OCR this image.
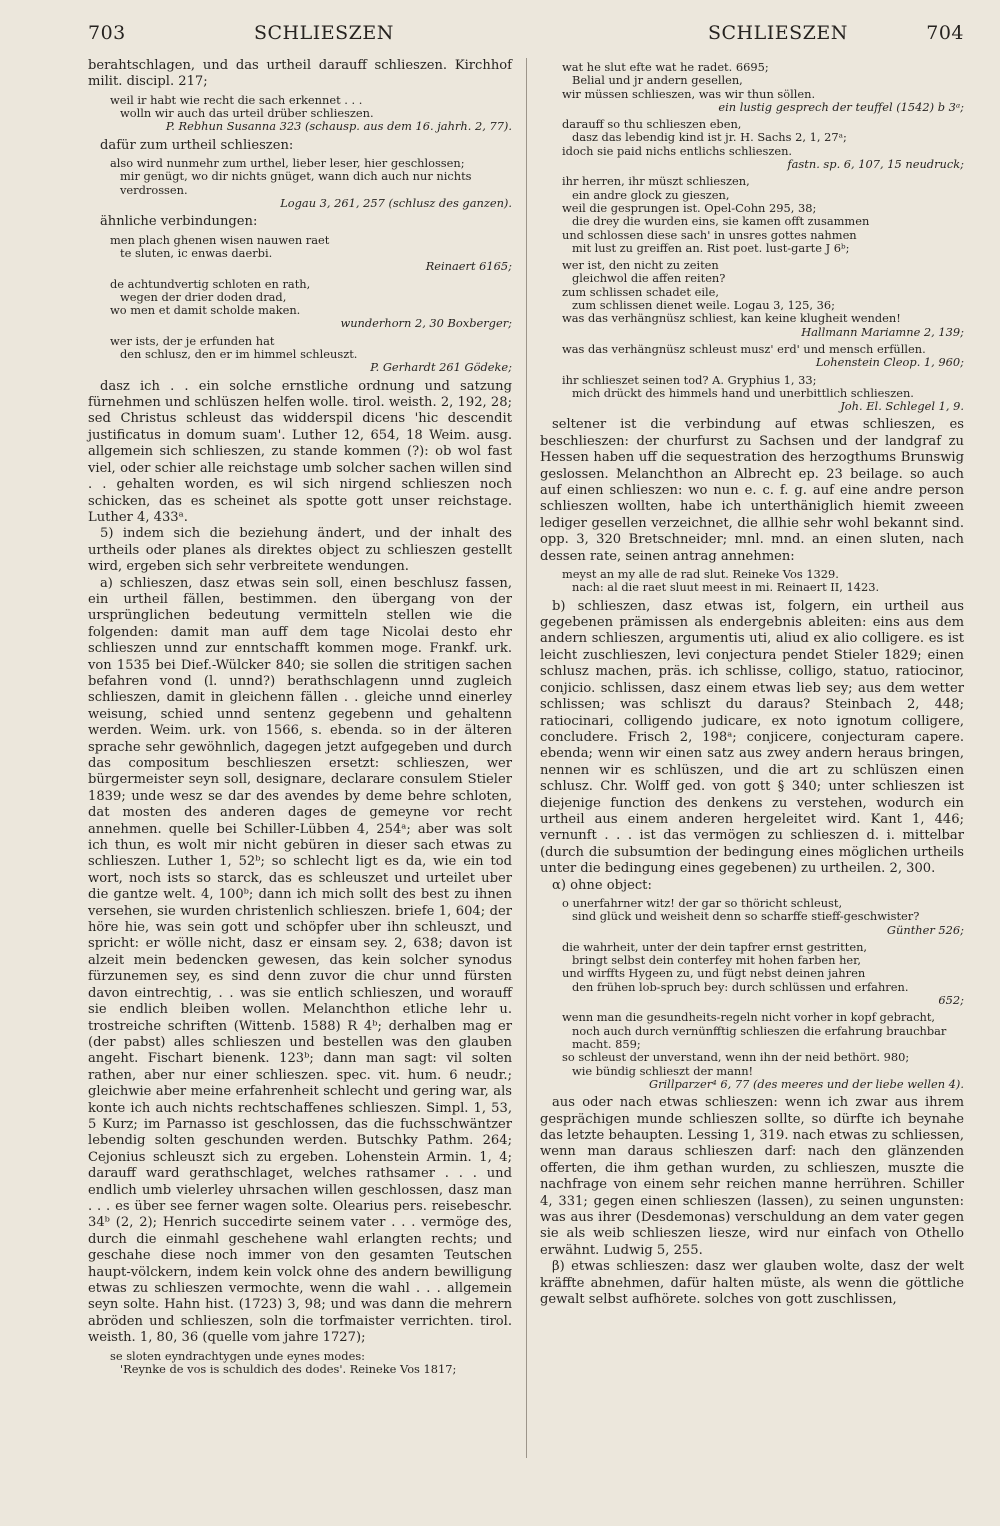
703	SCHLIESZEN	SCHLIESZEN	704

berahtschlagen, und das urtheil darauff schlieszen. Kirchhof milit. discipl. 217;

weil ir habt wie recht die sach erkennet . . .
wolln wir auch das urteil drüber schlieszen.
P. Rebhun Susanna 323 (schausp. aus dem 16. jahrh. 2, 77).

dafür zum urtheil schlieszen:

also wird nunmehr zum urthel, lieber leser, hier geschlossen;
mir genügt, wo dir nichts gnüget, wann dich auch nur nichts verdrossen.
Logau 3, 261, 257 (schlusz des ganzen).

ähnliche verbindungen:

men plach ghenen wisen nauwen raet
te sluten, ic enwas daerbi.
Reinaert 6165;
de achtundvertig schloten en rath,
wegen der drier doden drad,
wo men et damit scholde maken.
wunderhorn 2, 30 Boxberger;
wer ists, der je erfunden hat
den schlusz, den er im himmel schleuszt.
P. Gerhardt 261 Gödeke;

dasz ich . . ein solche ernstliche ordnung und satzung fürnehmen und schlüszen helfen wolle. tirol. weisth. 2, 192, 28; sed Christus schleust das widderspil dicens 'hic descendit justificatus in domum suam'. Luther 12, 654, 18 Weim. ausg. allgemein sich schlieszen, zu stande kommen (?): ob wol fast viel, oder schier alle reichstage umb solcher sachen willen sind . . gehalten worden, es wil sich nirgend schlieszen noch schicken, das es scheinet als spotte gott unser reichstage. Luther 4, 433ᵃ.

5) indem sich die beziehung ändert, und der inhalt des urtheils oder planes als direktes object zu schlieszen gestellt wird, ergeben sich sehr verbreitete wendungen.

a) schlieszen, dasz etwas sein soll, einen beschlusz fassen, ein urtheil fällen, bestimmen. den übergang von der ursprünglichen bedeutung vermitteln stellen wie die folgenden: damit man auff dem tage Nicolai desto ehr schlieszen unnd zur enntschafft kommen moge. Frankf. urk. von 1535 bei Dief.-Wülcker 840; sie sollen die stritigen sachen befahren vond (l. unnd?) berathschlagenn unnd zugleich schlieszen, damit in gleichenn fällen . . gleiche unnd einerley weisung, schied unnd sentenz gegebenn und gehaltenn werden. Weim. urk. von 1566, s. ebenda. so in der älteren sprache sehr gewöhnlich, dagegen jetzt aufgegeben und durch das compositum beschlieszen ersetzt: schlieszen, wer bürgermeister seyn soll, designare, declarare consulem Stieler 1839; unde wesz se dar des avendes by deme behre schloten, dat mosten des anderen dages de gemeyne vor recht annehmen. quelle bei Schiller-Lübben 4, 254ᵃ; aber was solt ich thun, es wolt mir nicht gebüren in dieser sach etwas zu schlieszen. Luther 1, 52ᵇ; so schlecht ligt es da, wie ein tod wort, noch ists so starck, das es schleuszet und urteilet uber die gantze welt. 4, 100ᵇ; dann ich mich sollt des best zu ihnen versehen, sie wurden christenlich schlieszen. briefe 1, 604; der höre hie, was sein gott und schöpfer uber ihn schleuszt, und spricht: er wölle nicht, dasz er einsam sey. 2, 638; davon ist alzeit mein bedencken gewesen, das kein solcher synodus fürzunemen sey, es sind denn zuvor die chur unnd fürsten davon eintrechtig, . . was sie entlich schlieszen, und worauff sie endlich bleiben wollen. Melanchthon etliche lehr u. trostreiche schriften (Wittenb. 1588) R 4ᵇ; derhalben mag er (der pabst) alles schlieszen und bestellen was den glauben angeht. Fischart bienenk. 123ᵇ; dann man sagt: vil solten rathen, aber nur einer schlieszen. spec. vit. hum. 6 neudr.; gleichwie aber meine erfahrenheit schlecht und gering war, als konte ich auch nichts rechtschaffenes schlieszen. Simpl. 1, 53, 5 Kurz; im Parnasso ist geschlossen, das die fuchsschwäntzer lebendig solten geschunden werden. Butschky Pathm. 264; Cejonius schleuszt sich zu ergeben. Lohenstein Armin. 1, 4; darauff ward gerathschlaget, welches rathsamer . . . und endlich umb vielerley uhrsachen willen geschlossen, dasz man . . . es über see ferner wagen solte. Olearius pers. reisebeschr. 34ᵇ (2, 2); Henrich succedirte seinem vater . . . vermöge des, durch die einmahl geschehene wahl erlangten rechts; und geschahe diese noch immer von den gesamten Teutschen haupt-völckern, indem kein volck ohne des andern bewilligung etwas zu schlieszen vermochte, wenn die wahl . . . allgemein seyn solte. Hahn hist. (1723) 3, 98; und was dann die mehrern abröden und schlieszen, soln die torfmaister verrichten. tirol. weisth. 1, 80, 36 (quelle vom jahre 1727);

se sloten eyndrachtygen unde eynes modes:
'Reynke de vos is schuldich des dodes'. Reineke Vos 1817;
wat he slut efte wat he radet. 6695;
Belial und jr andern gesellen,
wir müssen schlieszen, was wir thun söllen.
ein lustig gesprech der teuffel (1542) b 3ᵃ;
darauff so thu schlieszen eben,
dasz das lebendig kind ist jr. H. Sachs 2, 1, 27ᵃ;
idoch sie paid nichs entlichs schlieszen.
fastn. sp. 6, 107, 15 neudruck;
ihr herren, ihr müszt schlieszen,
ein andre glock zu gieszen,
weil die gesprungen ist. Opel-Cohn 295, 38;
die drey die wurden eins, sie kamen offt zusammen
und schlossen diese sach' in unsres gottes nahmen
mit lust zu greiffen an. Rist poet. lust-garte J 6ᵇ;
wer ist, den nicht zu zeiten
gleichwol die affen reiten?
zum schlissen schadet eile,
zum schlissen dienet weile. Logau 3, 125, 36;
was das verhängnüsz schliest, kan keine klugheit wenden!
Hallmann Mariamne 2, 139;
was das verhängnüsz schleust musz' erd' und mensch erfüllen.
Lohenstein Cleop. 1, 960;
ihr schlieszet seinen tod? A. Gryphius 1, 33;
mich drückt des himmels hand und unerbittlich schlieszen.
Joh. El. Schlegel 1, 9.

seltener ist die verbindung auf etwas schlieszen, es beschlieszen: der churfurst zu Sachsen und der landgraf zu Hessen haben uff die sequestration des herzogthums Brunswig geslossen. Melanchthon an Albrecht ep. 23 beilage. so auch auf einen schlieszen: wo nun e. c. f. g. auf eine andre person schlieszen wollten, habe ich unterthäniglich hiemit zweeen lediger gesellen verzeichnet, die allhie sehr wohl bekannt sind. opp. 3, 320 Bretschneider; mnl. mnd. an einen sluten, nach dessen rate, seinen antrag annehmen:

meyst an my alle de rad slut. Reineke Vos 1329.
nach: al die raet sluut meest in mi. Reinaert II, 1423.

b) schlieszen, dasz etwas ist, folgern, ein urtheil aus gegebenen prämissen als endergebnis ableiten: eins aus dem andern schlieszen, argumentis uti, aliud ex alio colligere. es ist leicht zuschlieszen, levi conjectura pendet Stieler 1829; einen schlusz machen, präs. ich schlisse, colligo, statuo, ratiocinor, conjicio. schlissen, dasz einem etwas lieb sey; aus dem wetter schlissen; was schliszt du daraus? Steinbach 2, 448; ratiocinari, colligendo judicare, ex noto ignotum colligere, concludere. Frisch 2, 198ᵃ; conjicere, conjecturam capere. ebenda; wenn wir einen satz aus zwey andern heraus bringen, nennen wir es schlüszen, und die art zu schlüszen einen schlusz. Chr. Wolff ged. von gott § 340; unter schlieszen ist diejenige function des denkens zu verstehen, wodurch ein urtheil aus einem anderen hergeleitet wird. Kant 1, 446; vernunft . . . ist das vermögen zu schlieszen d. i. mittelbar (durch die subsumtion der bedingung eines möglichen urtheils unter die bedingung eines gegebenen) zu urtheilen. 2, 300.

α) ohne object:

o unerfahrner witz! der gar so thöricht schleust,
sind glück und weisheit denn so scharffe stieff-geschwister?
Günther 526;
die wahrheit, unter der dein tapfrer ernst gestritten,
bringt selbst dein conterfey mit hohen farben her,
und wirffts Hygeen zu, und fügt nebst deinen jahren
den frühen lob-spruch bey: durch schlüssen und erfahren.
652;
wenn man die gesundheits-regeln nicht vorher in kopf gebracht,
noch auch durch vernünfftig schlieszen die erfahrung brauchbar macht. 859;
so schleust der unverstand, wenn ihn der neid bethört. 980;
wie bündig schlieszt der mann!
Grillparzer⁴ 6, 77 (des meeres und der liebe wellen 4).

aus oder nach etwas schlieszen: wenn ich zwar aus ihrem gesprächigen munde schlieszen sollte, so dürfte ich beynahe das letzte behaupten. Lessing 1, 319. nach etwas zu schliessen, wenn man daraus schlieszen darf: nach den glänzenden offerten, die ihm gethan wurden, zu schlieszen, muszte die nachfrage von einem sehr reichen manne herrühren. Schiller 4, 331; gegen einen schlieszen (lassen), zu seinen ungunsten: was aus ihrer (Desdemonas) verschuldung an dem vater gegen sie als weib schlieszen liesze, wird nur einfach von Othello erwähnt. Ludwig 5, 255.

β) etwas schlieszen: dasz wer glauben wolte, dasz der welt kräffte abnehmen, dafür halten müste, als wenn die göttliche gewalt selbst aufhörete. solches von gott zuschlissen,
